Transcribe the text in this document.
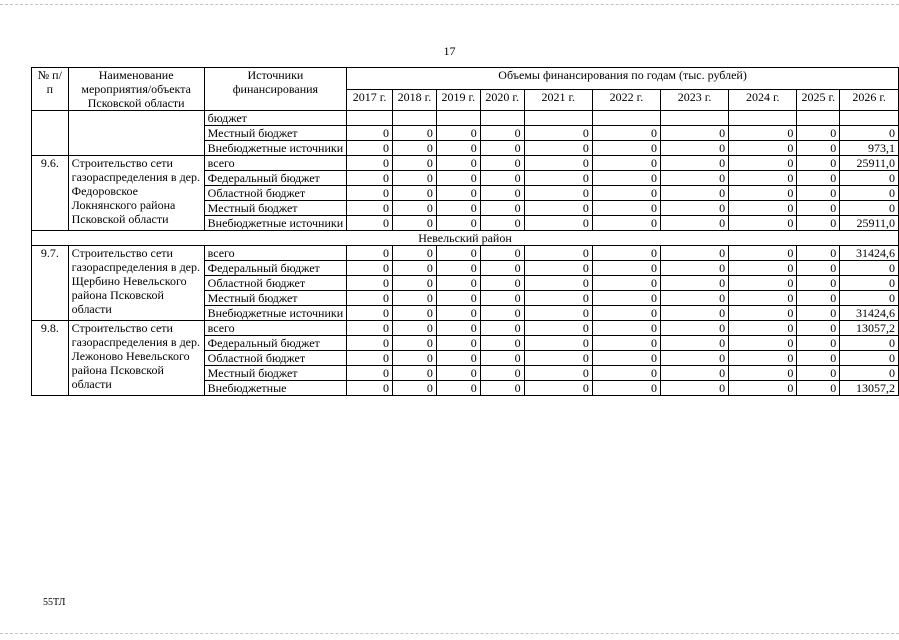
17
№ п/п	Наименование мероприятия/объекта Псковской области	Источники финансирования	Объемы финансирования по годам (тыс. рублей)									
			2017 г.	2018 г.	2019 г.	2020 г.	2021 г.	2022 г.	2023 г.	2024 г.	2025 г.	2026 г.
		бюджет										
		Местный бюджет	0	0	0	0	0	0	0	0	0	0
		Внебюджетные источники	0	0	0	0	0	0	0	0	0	973,1
9.6.	Строительство сети газораспределения в дер. Федоровское Локнянского района Псковской области	всего	0	0	0	0	0	0	0	0	0	25911,0
		Федеральный бюджет	0	0	0	0	0	0	0	0	0	0
		Областной бюджет	0	0	0	0	0	0	0	0	0	0
		Местный бюджет	0	0	0	0	0	0	0	0	0	0
		Внебюджетные источники	0	0	0	0	0	0	0	0	0	25911,0
Невельский район												
9.7.	Строительство сети газораспределения в дер. Щербино Невельского района Псковской области	всего	0	0	0	0	0	0	0	0	0	31424,6
		Федеральный бюджет	0	0	0	0	0	0	0	0	0	0
		Областной бюджет	0	0	0	0	0	0	0	0	0	0
		Местный бюджет	0	0	0	0	0	0	0	0	0	0
		Внебюджетные источники	0	0	0	0	0	0	0	0	0	31424,6
9.8.	Строительство сети газораспределения в дер. Лежоново Невельского района Псковской области	всего	0	0	0	0	0	0	0	0	0	13057,2
		Федеральный бюджет	0	0	0	0	0	0	0	0	0	0
		Областной бюджет	0	0	0	0	0	0	0	0	0	0
		Местный бюджет	0	0	0	0	0	0	0	0	0	0
		Внебюджетные	0	0	0	0	0	0	0	0	0	13057,2
55ТЛ
